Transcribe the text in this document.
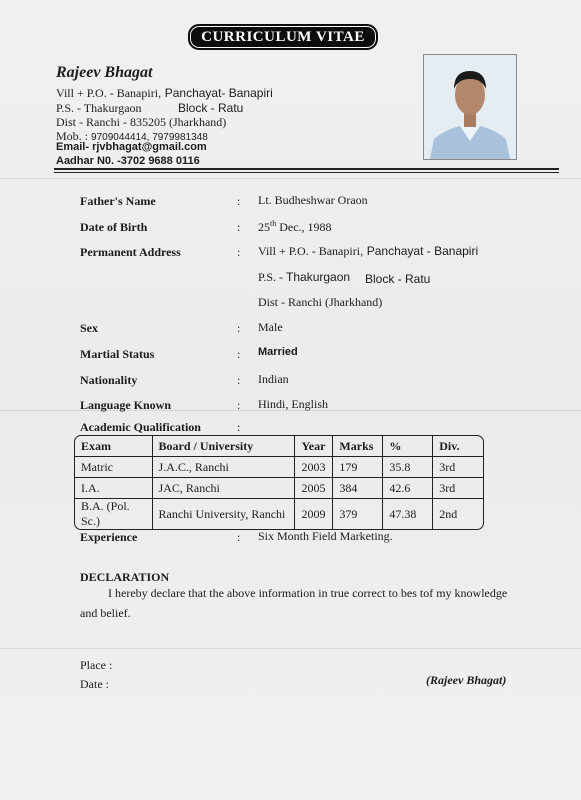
CURRICULUM VITAE
Rajeev Bhagat
Vill + P.O. - Banapiri, Panchayat- Banapiri
P.S. - Thakurgaon	Block - Ratu
Dist - Ranchi - 835205 (Jharkhand)
Mob. : 9709044414, 7979981348
Email- rjvbhagat@gmail.com
Aadhar N0. -3702 9688 0116
Father's Name	: Lt. Budheshwar Oraon
Date of Birth	: 25th Dec., 1988
Permanent Address	: Vill + P.O. - Banapiri, Panchayat - Banapiri
P.S. - Thakurgaon Block - Ratu
Dist - Ranchi (Jharkhand)
Sex	: Male
Martial Status	: Married
Nationality	: Indian
Language Known	: Hindi, English
Academic Qualification	:
Exam	Board / University	Year	Marks	%	Div.
Matric	J.A.C., Ranchi	2003	179	35.8	3rd
I.A.	JAC, Ranchi	2005	384	42.6	3rd
B.A. (Pol. Sc.)	Ranchi University, Ranchi	2009	379	47.38	2nd
Experience	: Six Month Field Marketing.
DECLARATION
I hereby declare that the above information in true correct to bes tof my knowledge
and belief.
Place :
Date :	(Rajeev Bhagat)
